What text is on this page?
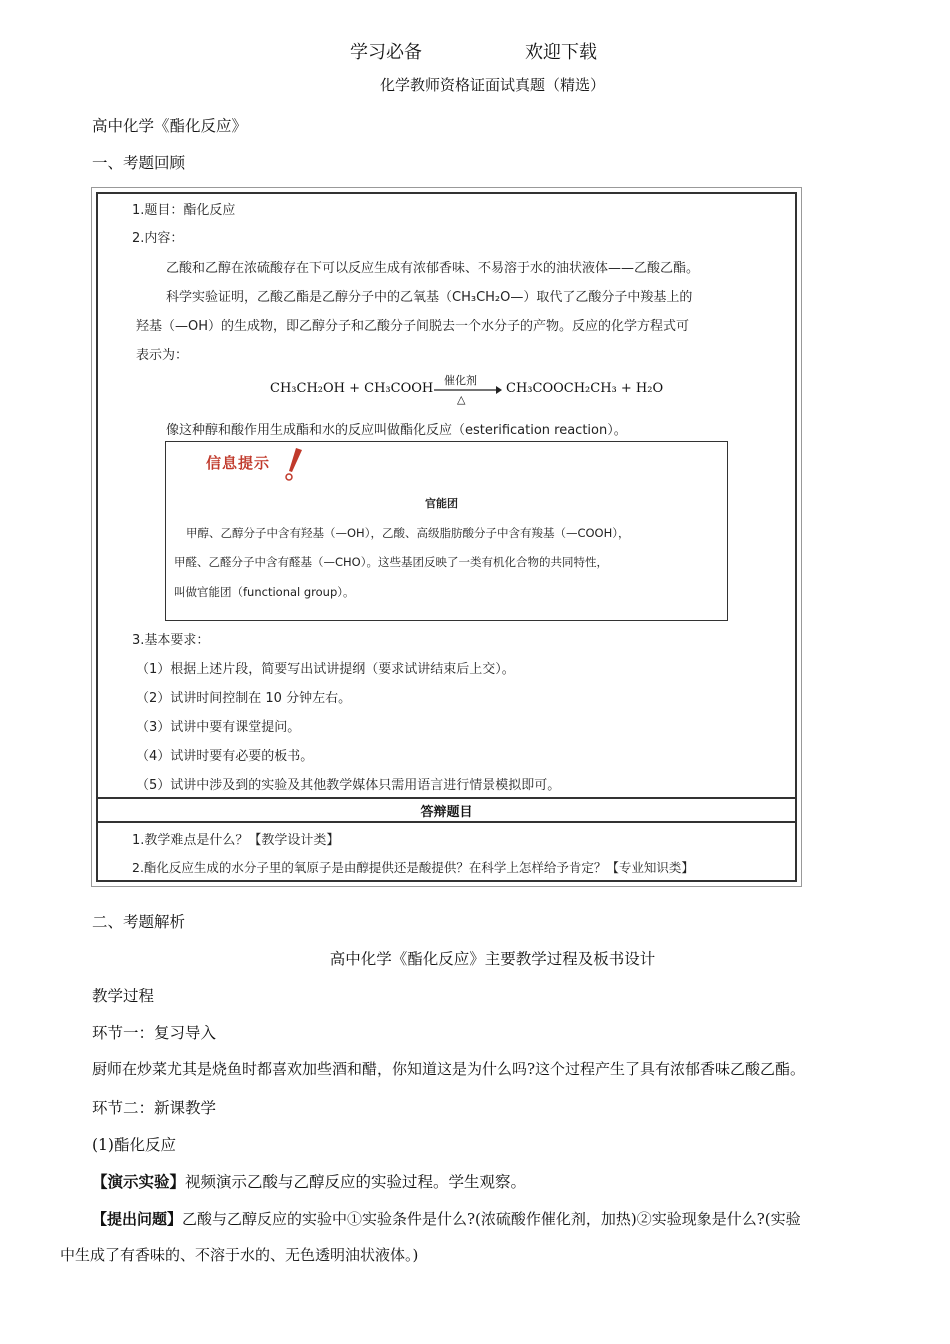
学习必备	欢迎下载
化学教师资格证面试真题（精选）
高中化学《酯化反应》
一、考题回顾
1.题目：酯化反应
2.内容：
乙酸和乙醇在浓硫酸存在下可以反应生成有浓郁香味、不易溶于水的油状液体——乙酸乙酯。
科学实验证明，乙酸乙酯是乙醇分子中的乙氧基（CH₃CH₂O—）取代了乙酸分子中羧基上的
羟基（—OH）的生成物，即乙醇分子和乙酸分子间脱去一个水分子的产物。反应的化学方程式可
表示为：
CH₃CH₂OH + CH₃COOH
催化剂
△
CH₃COOCH₂CH₃ + H₂O
像这种醇和酸作用生成酯和水的反应叫做酯化反应（esterification reaction）。
信息提示
官能团
甲醇、乙醇分子中含有羟基（—OH），乙酸、高级脂肪酸分子中含有羧基（—COOH），
甲醛、乙醛分子中含有醛基（—CHO）。这些基团反映了一类有机化合物的共同特性，
叫做官能团（functional group）。
3.基本要求：
（1）根据上述片段，简要写出试讲提纲（要求试讲结束后上交）。
（2）试讲时间控制在 10 分钟左右。
（3）试讲中要有课堂提问。
（4）试讲时要有必要的板书。
（5）试讲中涉及到的实验及其他教学媒体只需用语言进行情景模拟即可。
答辩题目
1.教学难点是什么？【教学设计类】
2.酯化反应生成的水分子里的氧原子是由醇提供还是酸提供？在科学上怎样给予肯定？【专业知识类】
二、考题解析
高中化学《酯化反应》主要教学过程及板书设计
教学过程
环节一：复习导入
厨师在炒菜尤其是烧鱼时都喜欢加些酒和醋，你知道这是为什么吗?这个过程产生了具有浓郁香味乙酸乙酯。
环节二：新课教学
(1)酯化反应
【演示实验】视频演示乙酸与乙醇反应的实验过程。学生观察。
【提出问题】乙酸与乙醇反应的实验中①实验条件是什么?(浓硫酸作催化剂，加热)②实验现象是什么?(实验
中生成了有香味的、不溶于水的、无色透明油状液体。)
